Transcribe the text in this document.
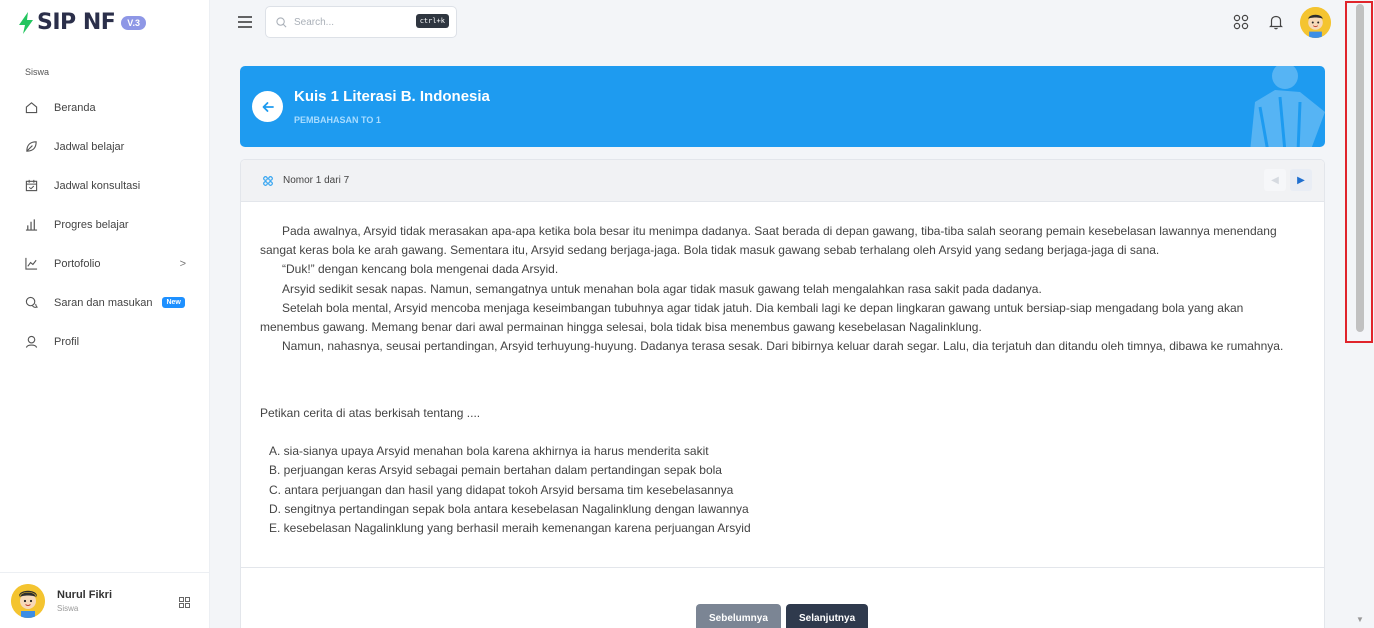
SIP NF	V.3
Siswa
Beranda
Jadwal belajar
Jadwal konsultasi
Progres belajar
Portofolio	>
Saran dan masukan	New
Profil
Nurul Fikri
Siswa
Search...	ctrl+k
▼
Kuis 1 Literasi B. Indonesia
PEMBAHASAN TO 1
Nomor 1 dari 7	◀ ▶

Pada awalnya, Arsyid tidak merasakan apa-apa ketika bola besar itu menimpa dadanya. Saat berada di depan gawang, tiba-tiba salah seorang pemain kesebelasan lawannya menendang sangat keras bola ke arah gawang. Sementara itu, Arsyid sedang berjaga-jaga. Bola tidak masuk gawang sebab terhalang oleh Arsyid yang sedang berjaga-jaga di sana.

“Duk!” dengan kencang bola mengenai dada Arsyid.

Arsyid sedikit sesak napas. Namun, semangatnya untuk menahan bola agar tidak masuk gawang telah mengalahkan rasa sakit pada dadanya.

Setelah bola mental, Arsyid mencoba menjaga keseimbangan tubuhnya agar tidak jatuh. Dia kembali lagi ke depan lingkaran gawang untuk bersiap-siap mengadang bola yang akan menembus gawang. Memang benar dari awal permainan hingga selesai, bola tidak bisa menembus gawang kesebelasan Nagalinklung.

Namun, nahasnya, seusai pertandingan, Arsyid terhuyung-huyung. Dadanya terasa sesak. Dari bibirnya keluar darah segar. Lalu, dia terjatuh dan ditandu oleh timnya, dibawa ke rumahnya.

Petikan cerita di atas berkisah tentang ....
A. sia-sianya upaya Arsyid menahan bola karena akhirnya ia harus menderita sakit
B. perjuangan keras Arsyid sebagai pemain bertahan dalam pertandingan sepak bola
C. antara perjuangan dan hasil yang didapat tokoh Arsyid bersama tim kesebelasannya
D. sengitnya pertandingan sepak bola antara kesebelasan Nagalinklung dengan lawannya
E. kesebelasan Nagalinklung yang berhasil meraih kemenangan karena perjuangan Arsyid
Sebelumnya	Selanjutnya
